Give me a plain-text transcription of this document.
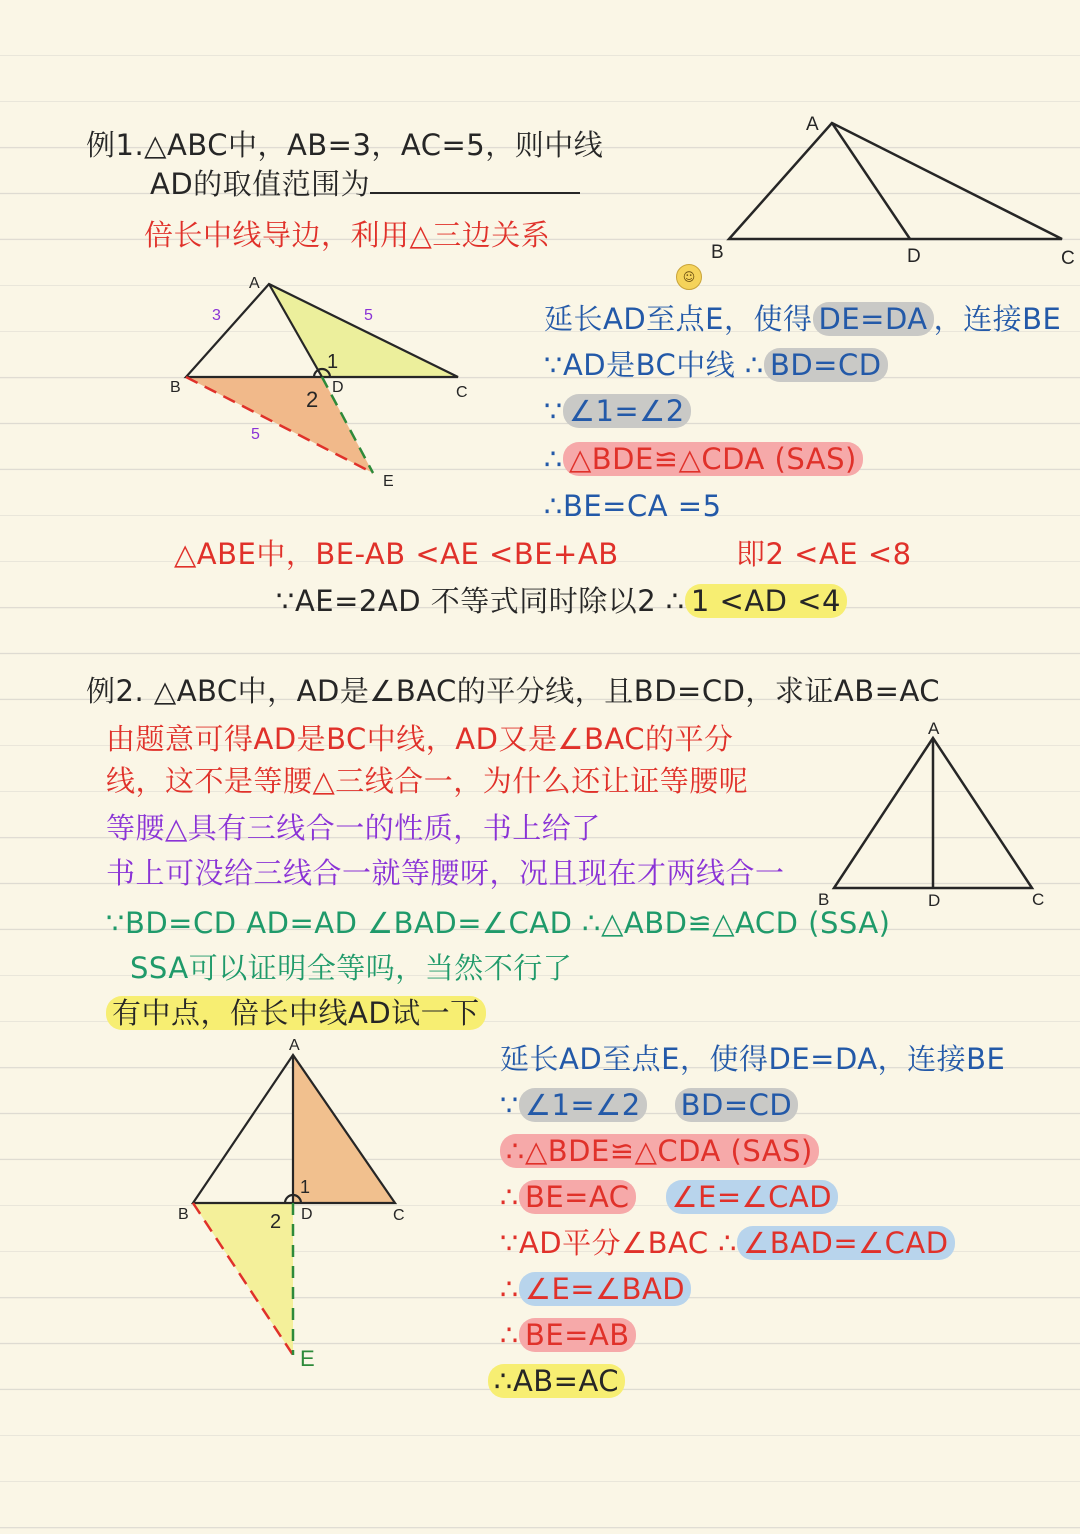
例1.△ABC中，AB=3，AC=5，则中线
AD的取值范围为
倍长中线导边，利用△三边关系
☺
延长AD至点E，使得 DE=DA ，连接BE
∵AD是BC中线 ∴ BD=CD
∵ ∠1=∠2
∴ △BDE≌△CDA (SAS)
∴BE=CA =5
△ABE中，BE-AB <AE <BE+AB	即2 <AE <8
∵AE=2AD 不等式同时除以2 ∴ 1 <AD <4
例2. △ABC中，AD是∠BAC的平分线，且BD=CD，求证AB=AC
由题意可得AD是BC中线，AD又是∠BAC的平分
线，这不是等腰△三线合一，为什么还让证等腰呢
等腰△具有三线合一的性质，书上给了
书上可没给三线合一就等腰呀，况且现在才两线合一
∵BD=CD AD=AD ∠BAD=∠CAD ∴△ABD≌△ACD (SSA)
SSA可以证明全等吗，当然不行了
有中点，倍长中线AD试一下
延长AD至点E，使得DE=DA，连接BE
∵ ∠1=∠2 BD=CD
∴△BDE≌△CDA (SAS)
∴ BE=AC ∠E=∠CAD
∵AD平分∠BAC ∴ ∠BAD=∠CAD
∴ ∠E=∠BAD
∴ BE=AB
∴AB=AC
A
B	D	C
A
B	D	C
E
1
2
3	5
5
A
B	D	C
A
B	D	C
E
1
2
